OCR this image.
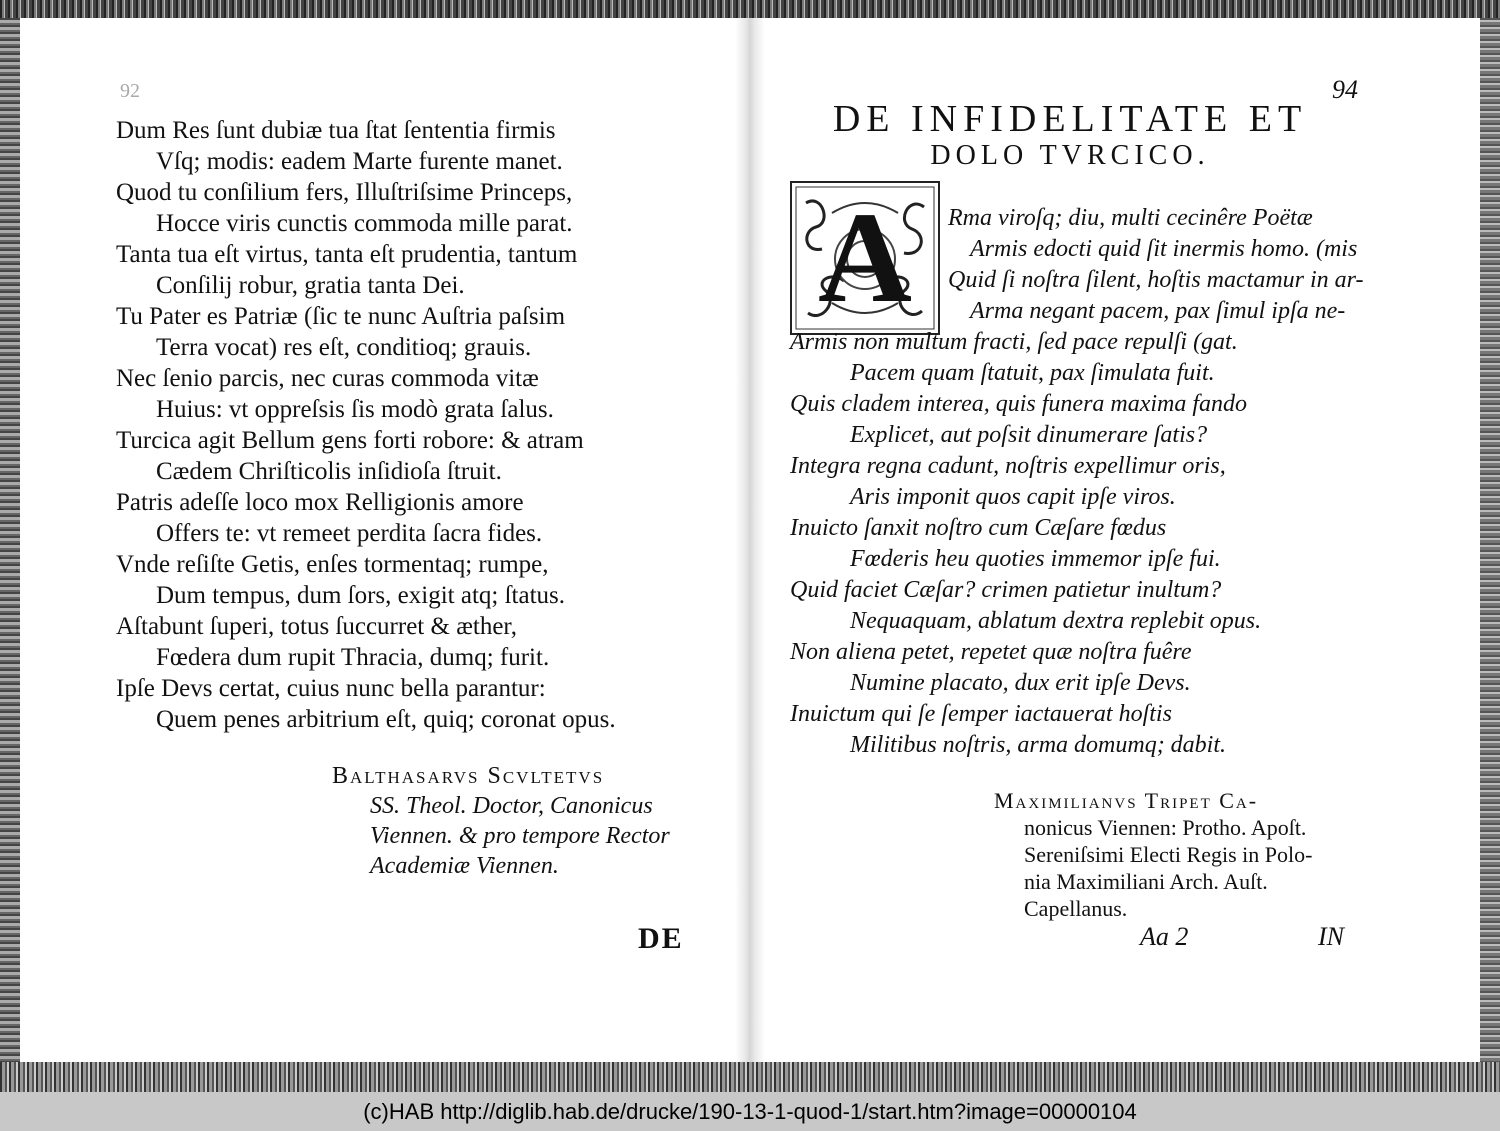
92
Dum Res ſunt dubiæ tua ſtat ſententia firmis
Vſq; modis: eadem Marte furente manet.
Quod tu conſilium fers, Illuſtriſsime Princeps,
Hocce viris cunctis commoda mille parat.
Tanta tua eſt virtus, tanta eſt prudentia, tantum
Conſilij robur, gratia tanta Dei.
Tu Pater es Patriæ (ſic te nunc Auſtria paſsim
Terra vocat) res eſt, conditioq; grauis.
Nec ſenio parcis, nec curas commoda vitæ
Huius: vt oppreſsis ſis modò grata ſalus.
Turcica agit Bellum gens forti robore: & atram
Cædem Chriſticolis inſidioſa ſtruit.
Patris adeſſe loco mox Relligionis amore
Offers te: vt remeet perdita ſacra fides.
Vnde reſiſte Getis, enſes tormentaq; rumpe,
Dum tempus, dum ſors, exigit atq; ſtatus.
Aſtabunt ſuperi, totus ſuccurret & æther,
Fœdera dum rupit Thracia, dumq; furit.
Ipſe Devs certat, cuius nunc bella parantur:
Quem penes arbitrium eſt, quiq; coronat opus.
Balthasarvs Scvltetvs
SS. Theol. Doctor, Canonicus
Viennen. & pro tempore Rector
Academiæ Viennen.
DE
94
DE INFIDELITATE ET
DOLO TVRCICO.
A	Rma viroſq; diu, multi cecinêre Poëtæ
Armis edocti quid ſit inermis homo. (mis
Quid ſi noſtra ſilent, hoſtis mactamur in ar-
Arma negant pacem, pax ſimul ipſa ne-
Armis non multum fracti, ſed pace repulſi (gat.
Pacem quam ſtatuit, pax ſimulata fuit.
Quis cladem interea, quis funera maxima fando
Explicet, aut poſsit dinumerare ſatis?
Integra regna cadunt, noſtris expellimur oris,
Aris imponit quos capit ipſe viros.
Inuicto ſanxit noſtro cum Cæſare fœdus
Fœderis heu quoties immemor ipſe fui.
Quid faciet Cæſar? crimen patietur inultum?
Nequaquam, ablatum dextra replebit opus.
Non aliena petet, repetet quæ noſtra fuêre
Numine placato, dux erit ipſe Devs.
Inuictum qui ſe ſemper iactauerat hoſtis
Militibus noſtris, arma domumq; dabit.
Maximilianvs Tripet Ca-
nonicus Viennen: Protho. Apoſt.
Sereniſsimi Electi Regis in Polo-
nia Maximiliani Arch. Auſt.
Capellanus.
Aa 2	IN
(c)HAB http://diglib.hab.de/drucke/190-13-1-quod-1/start.htm?image=00000104
